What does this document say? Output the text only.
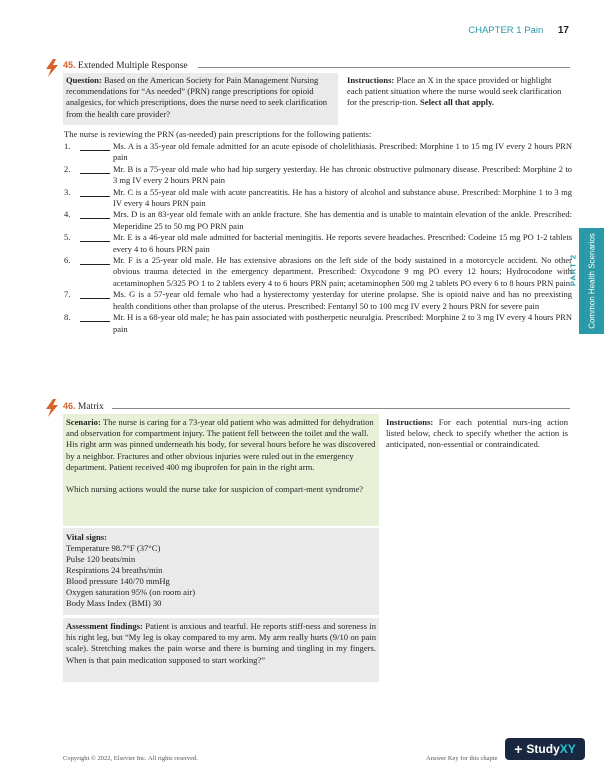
CHAPTER 1 Pain 17
PART 2 Common Health Scenarios
45. Extended Multiple Response
Question: Based on the American Society for Pain Management Nursing recommendations for “As needed” (PRN) range prescriptions for opioid analgesics, for which prescriptions, does the nurse need to seek clarification from the health care provider?
Instructions: Place an X in the space provided or highlight each patient situation where the nurse would seek clarification for the prescrip-tion. Select all that apply.
The nurse is reviewing the PRN (as-needed) pain prescriptions for the following patients:
1.	Ms. A is a 35-year old female admitted for an acute episode of cholelithiasis. Prescribed: Morphine 1 to 15 mg IV every 2 hours PRN pain
2.	Mr. B is a 75-year old male who had hip surgery yesterday. He has chronic obstructive pulmonary disease. Prescribed: Morphine 2 to 3 mg IV every 2 hours PRN pain
3.	Mr. C is a 55-year old male with acute pancreatitis. He has a history of alcohol and substance abuse. Prescribed: Morphine 1 to 3 mg IV every 4 hours PRN pain
4.	Mrs. D is an 83-year old female with an ankle fracture. She has dementia and is unable to maintain elevation of the ankle. Prescribed: Meperidine 25 to 50 mg PO PRN pain
5.	Mr. E is a 46-year old male admitted for bacterial meningitis. He reports severe headaches. Prescribed: Codeine 15 mg PO 1-2 tablets every 4 to 6 hours PRN pain
6.	Mr. F is a 25-year old male. He has extensive abrasions on the left side of the body sustained in a motorcycle accident. No other obvious trauma detected in the emergency department. Prescribed: Oxycodone 9 mg PO every 12 hours; Hydrocodone with acetaminophen 5/325 PO 1 to 2 tablets every 4 to 6 hours PRN pain; acetaminophen 500 mg 2 tablets PO every 6 to 8 hours PRN pain
7.	Ms. G is a 57-year old female who had a hysterectomy yesterday for uterine prolapse. She is opioid naive and has no preexisting health conditions other than prolapse of the uterus. Prescribed: Fentanyl 50 to 100 mcg IV every 2 hours PRN for severe pain
8.	Mr. H is a 68-year old male; he has pain associated with postherpetic neuralgia. Prescribed: Morphine 2 to 3 mg IV every 4 hours PRN pain
46. Matrix

Scenario: The nurse is caring for a 73-year old patient who was admitted for dehydration and observation for compartment injury. The patient fell between the toilet and the wall. His right arm was pinned underneath his body, for several hours before he was discovered by a neighbor. Fractures and other obvious injuries were ruled out in the emergency department. Patient received 400 mg ibuprofen for pain in the right arm.

Which nursing actions would the nurse take for suspicion of compart-ment syndrome?

Instructions: For each potential nurs-ing action listed below, check to specify whether the action is anticipated, non-essential or contraindicated.
Vital signs:
Temperature 98.7°F (37°C)
Pulse 120 beats/min
Respirations 24 breaths/min
Blood pressure 140/70 mmHg
Oxygen saturation 95% (on room air)
Body Mass Index (BMI) 30
Assessment findings: Patient is anxious and tearful. He reports stiff-ness and soreness in his right leg, but “My leg is okay compared to my arm. My arm really hurts (9/10 on pain scale). Stretching makes the pain worse and there is burning and tingling in my fingers. When is that pain medication supposed to start working?”
Copyright © 2022, Elsevier Inc. All rights reserved.	Answer Key for this chapte
+ Study XY
